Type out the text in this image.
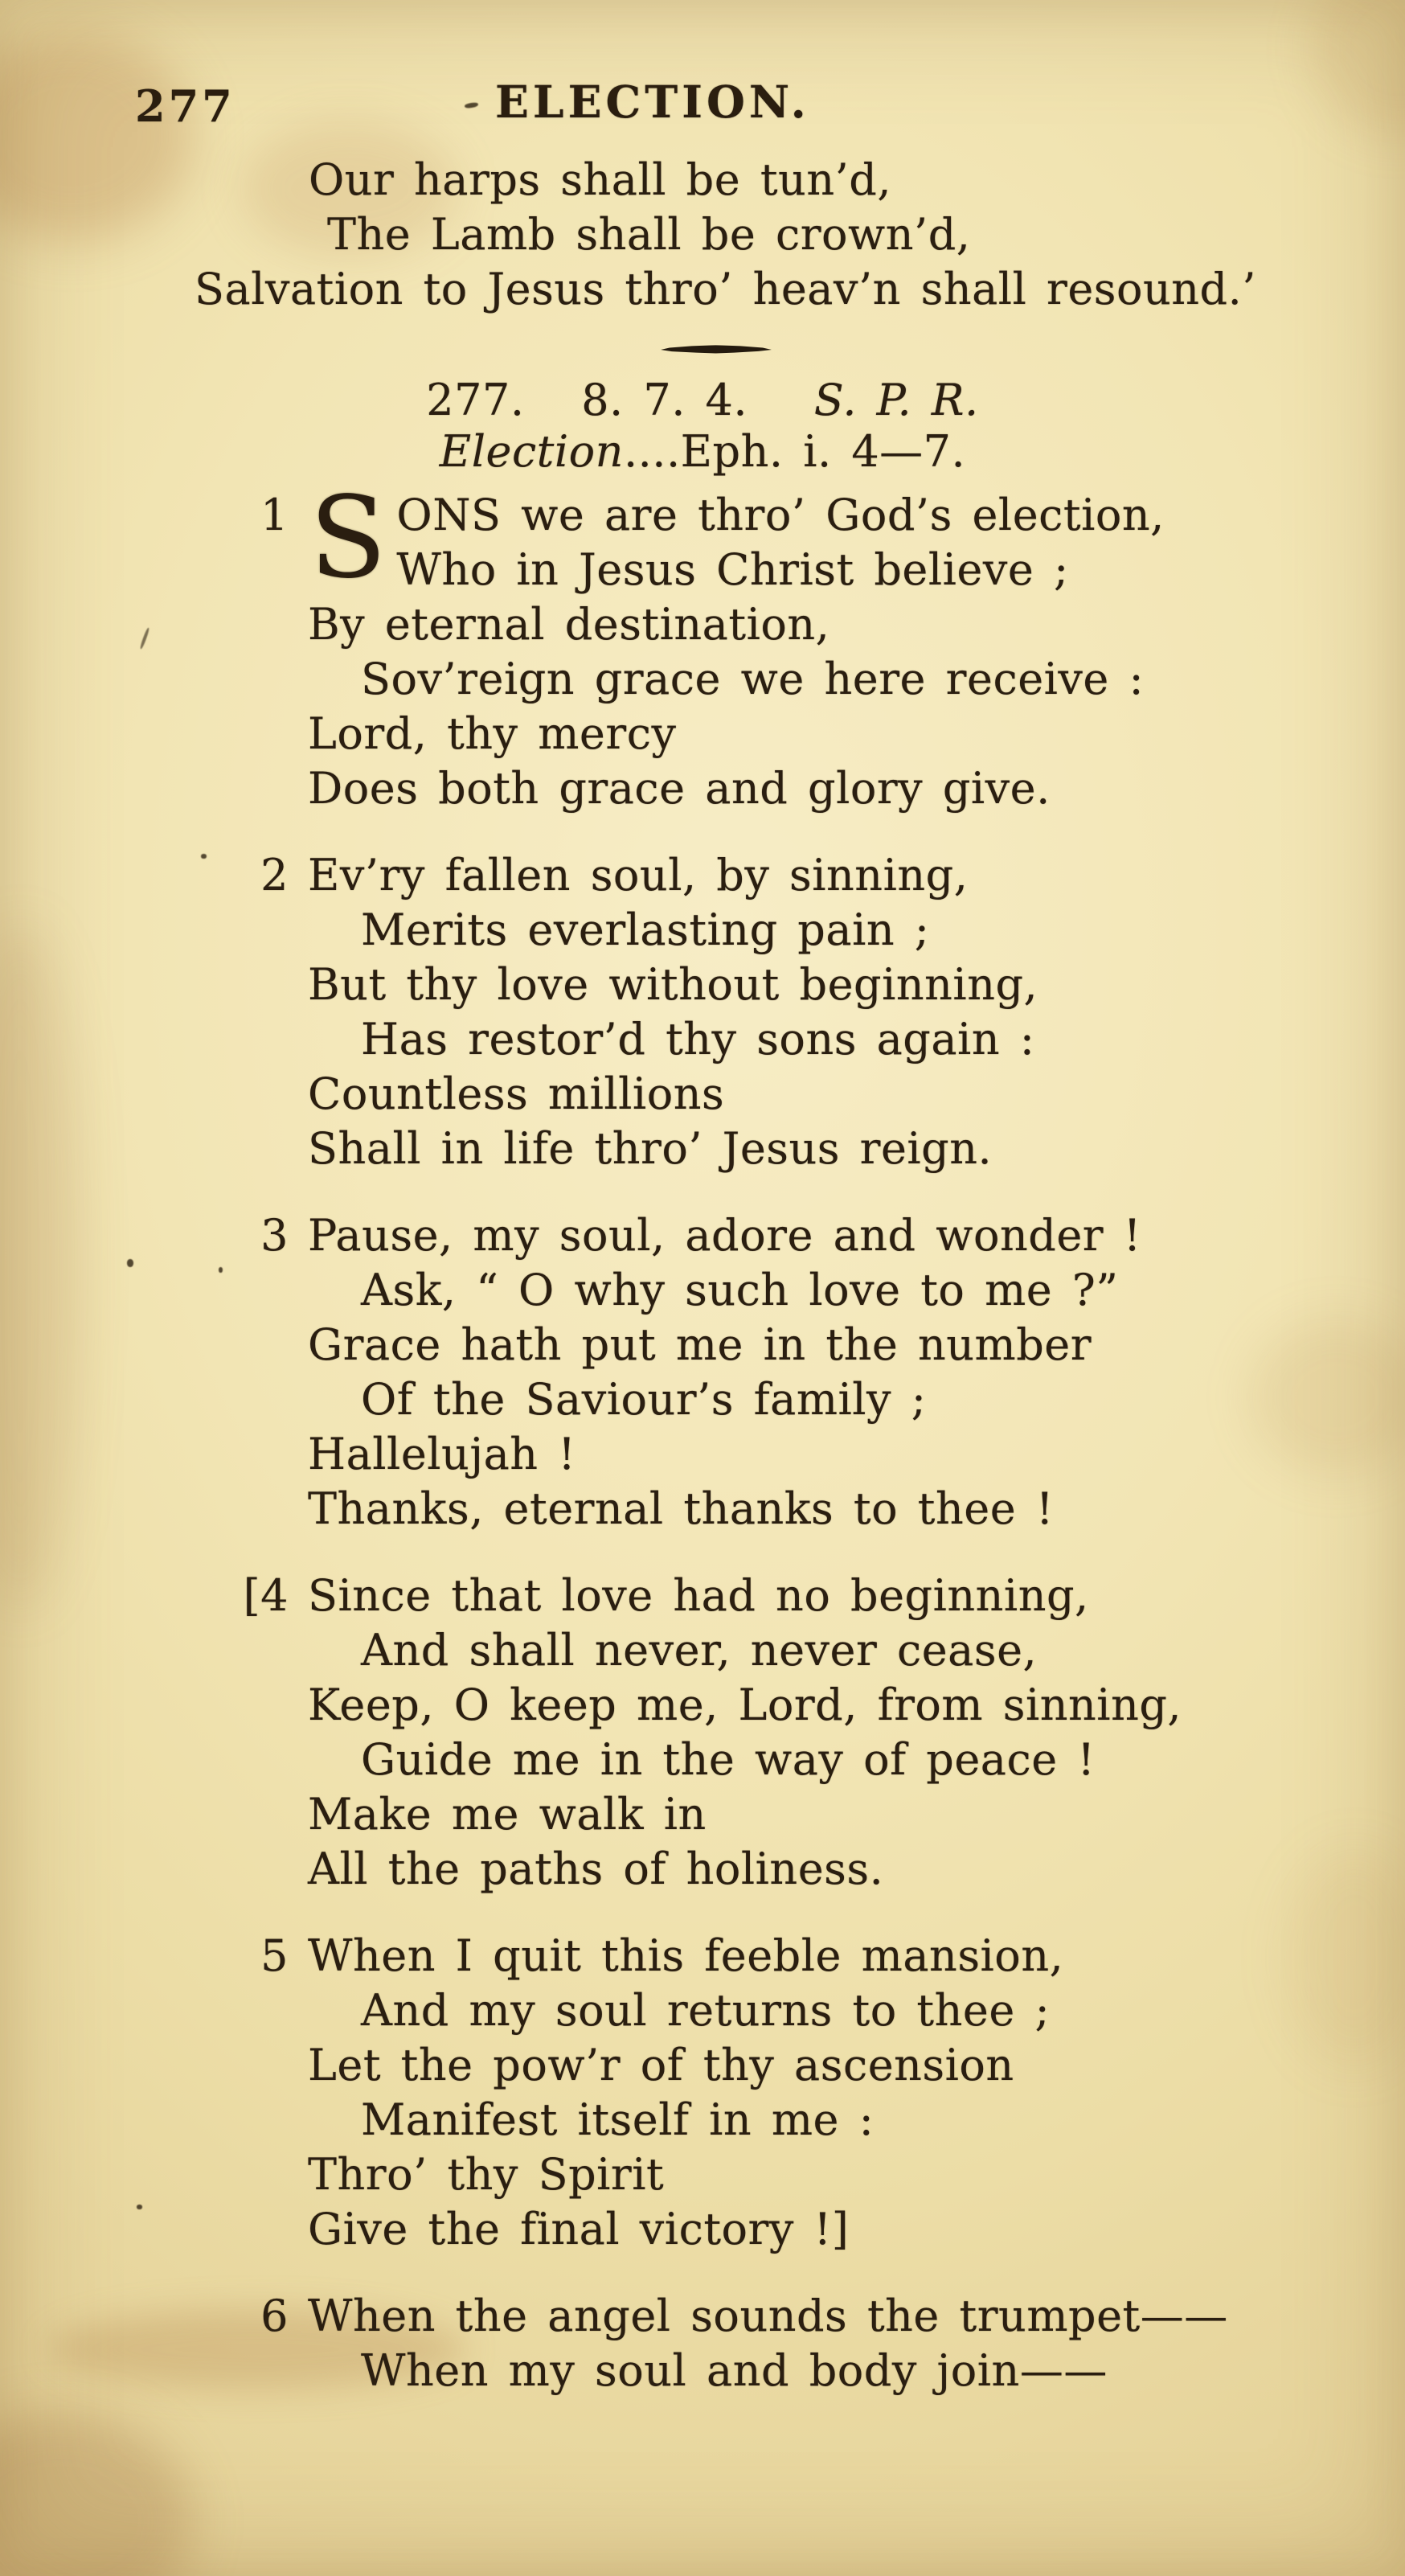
277	ELECTION.
Our harps shall be tun’d,
The Lamb shall be crown’d,
Salvation to Jesus thro’ heav’n shall resound.’
277. 8. 7. 4. S. P. R.
Election....Eph. i. 4—7.
1 S ONS we are thro’ God’s election,
Who in Jesus Christ believe ;
By eternal destination,
Sov’reign grace we here receive :
Lord, thy mercy
Does both grace and glory give.
2 Ev’ry fallen soul, by sinning,
Merits everlasting pain ;
But thy love without beginning,
Has restor’d thy sons again :
Countless millions
Shall in life thro’ Jesus reign.
3 Pause, my soul, adore and wonder !
Ask, “ O why such love to me ?”
Grace hath put me in the number
Of the Saviour’s family ;
Hallelujah !
Thanks, eternal thanks to thee !
[4 Since that love had no beginning,
And shall never, never cease,
Keep, O keep me, Lord, from sinning,
Guide me in the way of peace !
Make me walk in
All the paths of holiness.
5 When I quit this feeble mansion,
And my soul returns to thee ;
Let the pow’r of thy ascension
Manifest itself in me :
Thro’ thy Spirit
Give the final victory !]
6 When the angel sounds the trumpet——
When my soul and body join——
